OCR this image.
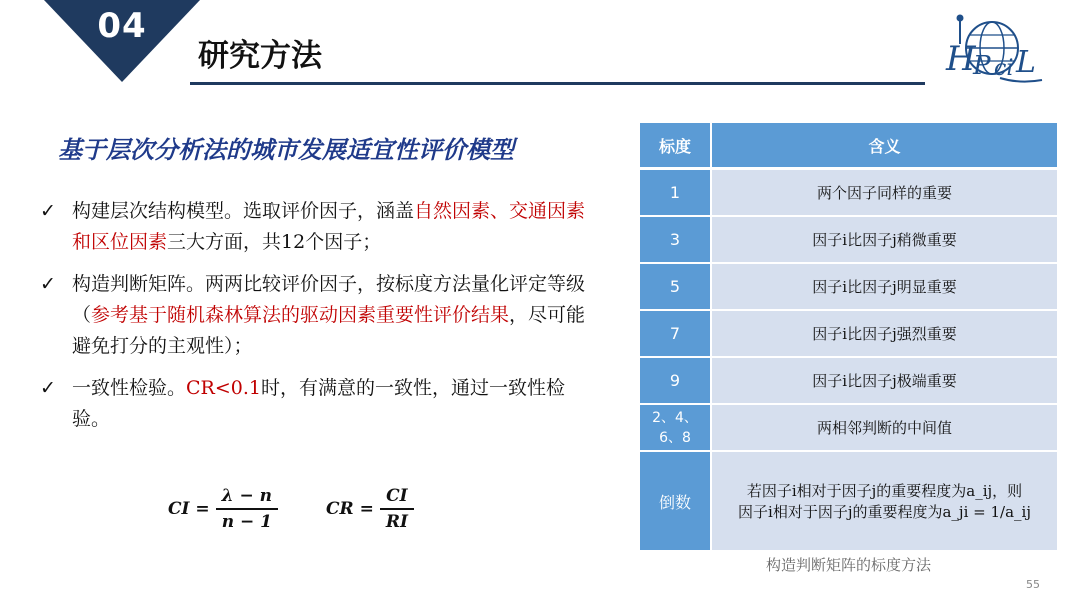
04
研究方法	H
P ci L
基于层次分析法的城市发展适宜性评价模型
✓ 构建层次结构模型。选取评价因子，涵盖自然因素、交通因素和区位因素三大方面，共12个因子；
✓ 构造判断矩阵。两两比较评价因子，按标度方法量化评定等级（参考基于随机森林算法的驱动因素重要性评价结果，尽可能避免打分的主观性）；
✓ 一致性检验。CR<0.1时，有满意的一致性，通过一致性检验。
CI = $\frac{\lambda - n}{n - 1}$	CR = $\frac{CI}{RI}$
标度	含义
1	两个因子同样的重要
3	因子i比因子j稍微重要
5	因子i比因子j明显重要
7	因子i比因子j强烈重要
9	因子i比因子j极端重要
2、4、6、8	两相邻判断的中间值
倒数	若因子i相对于因子j的重要程度为a_ij，则
因子i相对于因子j的重要程度为a_ji = 1/a_ij
构造判断矩阵的标度方法
55
